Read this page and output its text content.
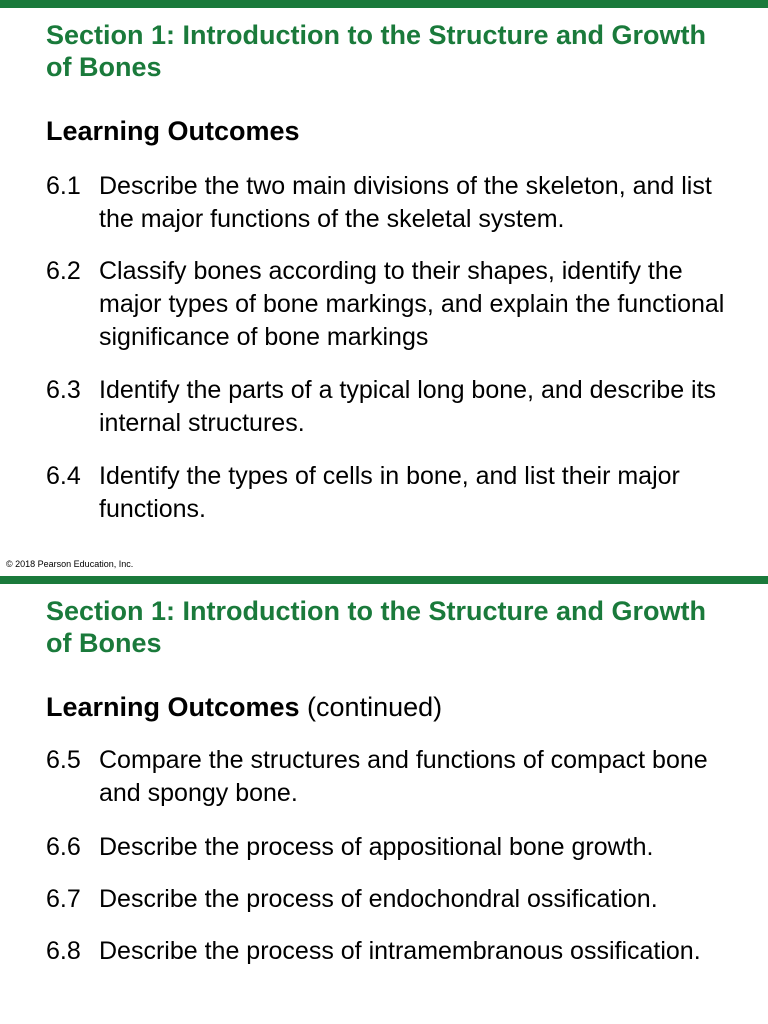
Section 1: Introduction to the Structure and Growth of Bones

Learning Outcomes

6.1 Describe the two main divisions of the skeleton, and list the major functions of the skeletal system.
6.2 Classify bones according to their shapes, identify the major types of bone markings, and explain the functional significance of bone markings
6.3 Identify the parts of a typical long bone, and describe its internal structures.
6.4 Identify the types of cells in bone, and list their major functions.
© 2018 Pearson Education, Inc.
Section 1: Introduction to the Structure and Growth of Bones

Learning Outcomes (continued)

6.5 Compare the structures and functions of compact bone and spongy bone.
6.6 Describe the process of appositional bone growth.
6.7 Describe the process of endochondral ossification.
6.8 Describe the process of intramembranous ossification.
